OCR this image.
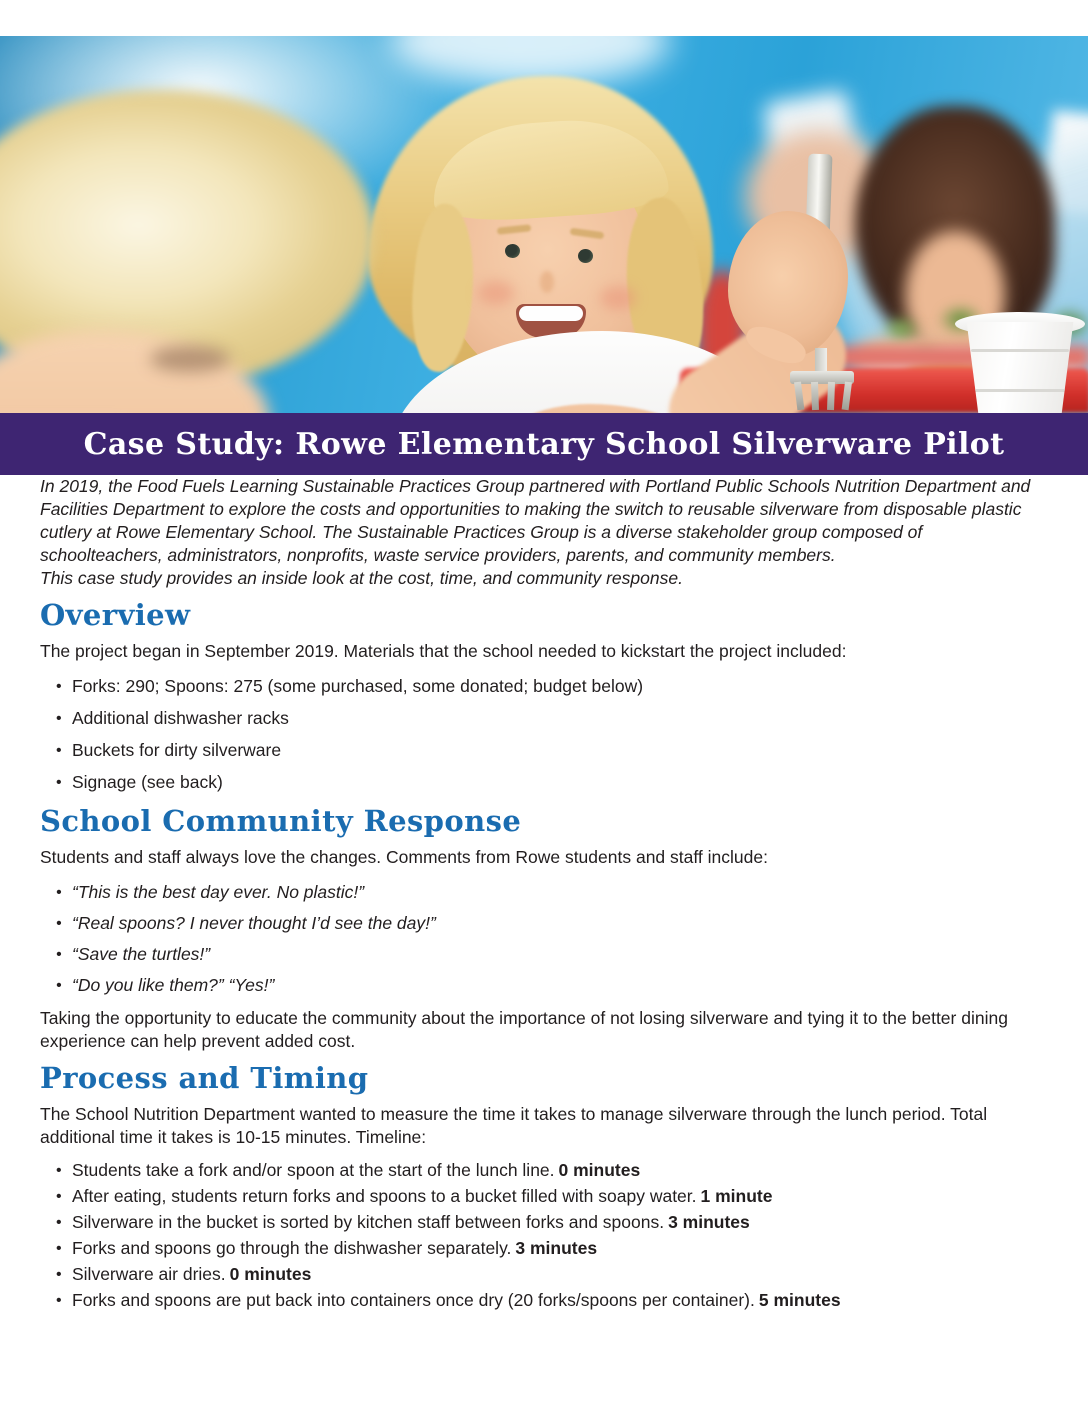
Case Study: Rowe Elementary School Silverware Pilot

In 2019, the Food Fuels Learning Sustainable Practices Group partnered with Portland Public Schools Nutrition Department and Facilities Department to explore the costs and opportunities to making the switch to reusable silverware from disposable plastic cutlery at Rowe Elementary School. The Sustainable Practices Group is a diverse stakeholder group composed of schoolteachers, administrators, nonprofits, waste service providers, parents, and community members.

This case study provides an inside look at the cost, time, and community response.

Overview

The project began in September 2019. Materials that the school needed to kickstart the project included:

• Forks: 290; Spoons: 275 (some purchased, some donated; budget below)
• Additional dishwasher racks
• Buckets for dirty silverware
• Signage (see back)
School Community Response

Students and staff always love the changes. Comments from Rowe students and staff include:

• “This is the best day ever. No plastic!”
• “Real spoons? I never thought I’d see the day!”
• “Save the turtles!”
• “Do you like them?” “Yes!”

Taking the opportunity to educate the community about the importance of not losing silverware and tying it to the better dining experience can help prevent added cost.

Process and Timing

The School Nutrition Department wanted to measure the time it takes to manage silverware through the lunch period. Total additional time it takes is 10-15 minutes. Timeline:

• Students take a fork and/or spoon at the start of the lunch line. 0 minutes
• After eating, students return forks and spoons to a bucket filled with soapy water. 1 minute
• Silverware in the bucket is sorted by kitchen staff between forks and spoons. 3 minutes
• Forks and spoons go through the dishwasher separately. 3 minutes
• Silverware air dries. 0 minutes
• Forks and spoons are put back into containers once dry (20 forks/spoons per container). 5 minutes
